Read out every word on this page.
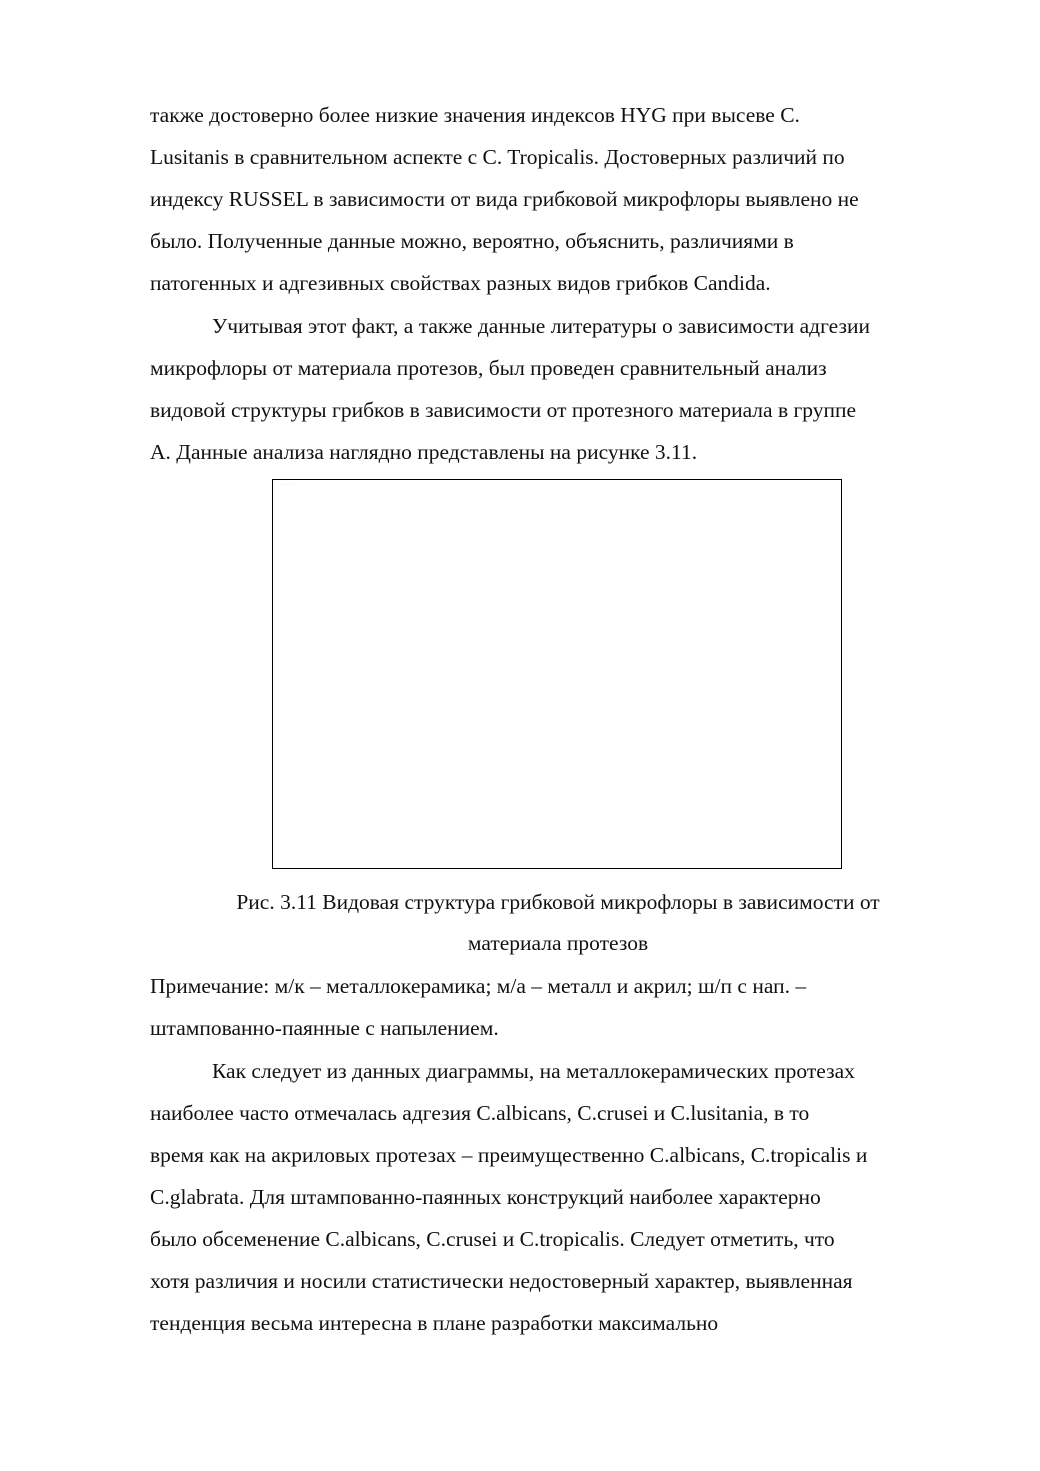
также достоверно более низкие значения индексов HYG при высеве C.

Lusitanis в сравнительном аспекте с C. Tropicalis. Достоверных различий по

индексу RUSSEL в зависимости от вида грибковой микрофлоры выявлено не

было. Полученные данные можно, вероятно, объяснить, различиями в

патогенных и адгезивных свойствах разных видов грибков Candida.

Учитывая этот факт, а также данные литературы о зависимости адгезии

микрофлоры от материала протезов, был проведен сравнительный анализ

видовой структуры грибков в зависимости от протезного материала в группе

А. Данные анализа наглядно представлены на рисунке 3.11.

· · · · · · · · · ·

Рис. 3.11 Видовая структура грибковой микрофлоры в зависимости от

материала протезов

Примечание: м/к – металлокерамика; м/а – металл и акрил; ш/п с нап. –

штампованно-паянные с напылением.

Как следует из данных диаграммы, на металлокерамических протезах

наиболее часто отмечалась адгезия C.albicans, C.crusei и C.lusitania, в то

время как на акриловых протезах – преимущественно C.albicans, C.tropicalis и

C.glabrata. Для штампованно-паянных конструкций наиболее характерно

было обсеменение C.albicans, C.crusei и C.tropicalis. Следует отметить, что

хотя различия и носили статистически недостоверный характер, выявленная

тенденция весьма интересна в плане разработки максимально
